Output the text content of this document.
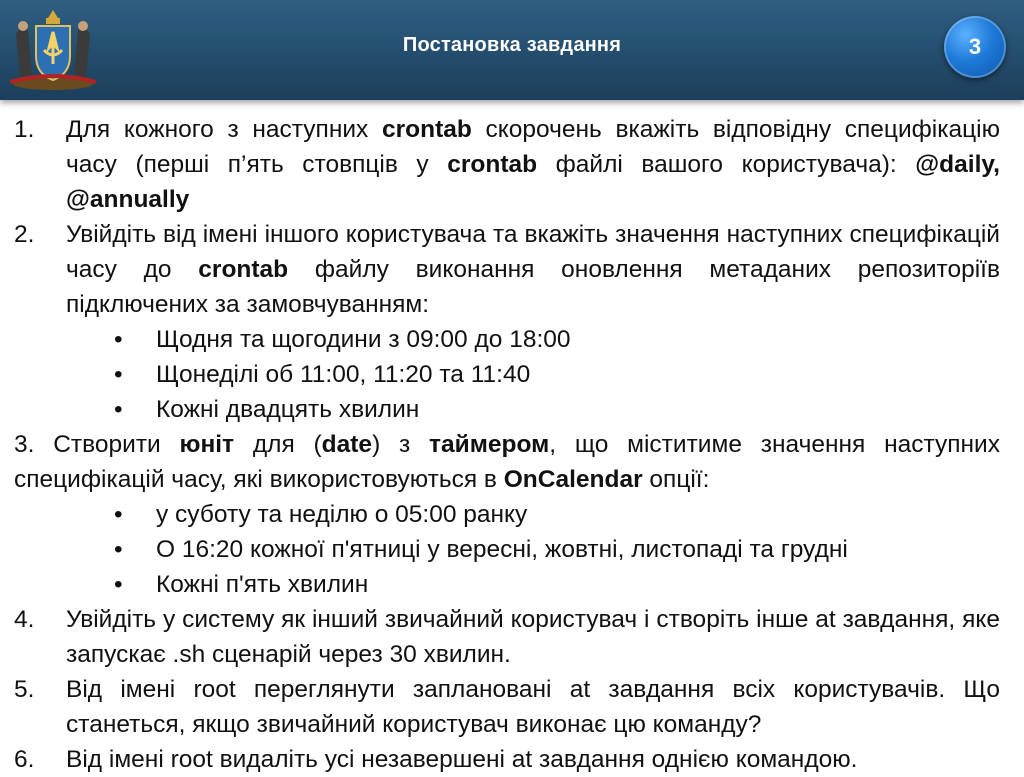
Постановка завдання	3
1.	Для кожного з наступних crontab скорочень вкажіть відповідну специфікацію часу (перші п’ять стовпців у crontab файлі вашого користувача): @daily, @annually
2.	Увійдіть від імені іншого користувача та вкажіть значення наступних специфікацій часу до crontab файлу виконання оновлення метаданих репозиторіїв підключених за замовчуванням:
•	Щодня та щогодини з 09:00 до 18:00
•	Щонеділі об 11:00, 11:20 та 11:40
•	Кожні двадцять хвилин
3. Створити юніт для (date) з таймером, що міститиме значення наступних специфікацій часу, які використовуються в OnCalendar опції:
•	у суботу та неділю о 05:00 ранку
•	О 16:20 кожної п'ятниці у вересні, жовтні, листопаді та грудні
•	Кожні п'ять хвилин
4.	Увійдіть у систему як інший звичайний користувач і створіть інше at завдання, яке запускає .sh сценарій через 30 хвилин.
5.	Від імені root переглянути заплановані at завдання всіх користувачів. Що станеться, якщо звичайний користувач виконає цю команду?
6.	Від імені root видаліть усі незавершені at завдання однією командою.
